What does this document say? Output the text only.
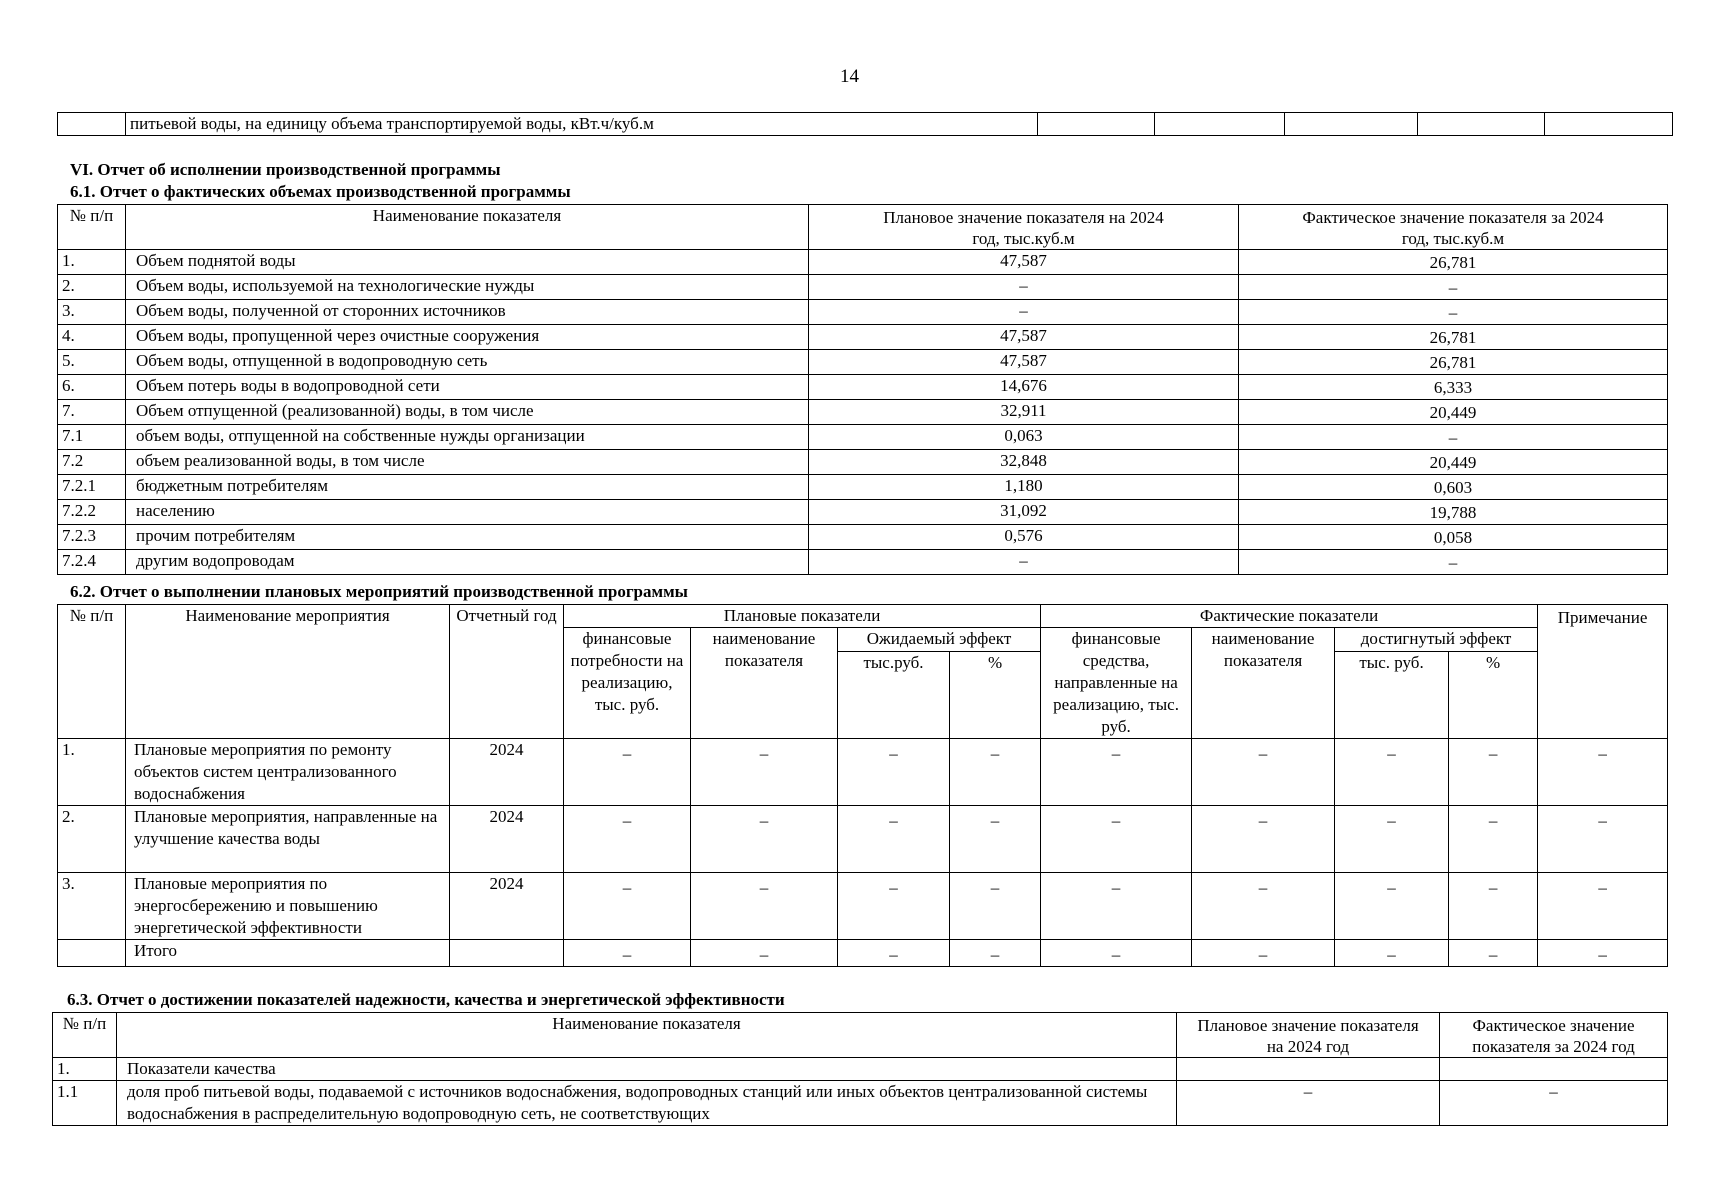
14
	питьевой воды, на единицу объема транспортируемой воды, кВт.ч/куб.м					
VI. Отчет об исполнении производственной программы
6.1. Отчет о фактических объемах производственной программы
№ п/п	Наименование показателя	Плановое значение показателя на 2024 год, тыс.куб.м	Фактическое значение показателя за 2024 год, тыс.куб.м
1.	Объем поднятой воды	47,587	26,781
2.	Объем воды, используемой на технологические нужды	–	–
3.	Объем воды, полученной от сторонних источников	–	–
4.	Объем воды, пропущенной через очистные сооружения	47,587	26,781
5.	Объем воды, отпущенной в водопроводную сеть	47,587	26,781
6.	Объем потерь воды в водопроводной сети	14,676	6,333
7.	Объем отпущенной (реализованной) воды, в том числе	32,911	20,449
7.1	объем воды, отпущенной на собственные нужды организации	0,063	–
7.2	объем реализованной воды, в том числе	32,848	20,449
7.2.1	бюджетным потребителям	1,180	0,603
7.2.2	населению	31,092	19,788
7.2.3	прочим потребителям	0,576	0,058
7.2.4	другим водопроводам	–	–
6.2. Отчет о выполнении плановых мероприятий производственной программы
№ п/п	Наименование мероприятия	Отчетный год	Плановые показатели				Фактические показатели				Примечание
			финансовые потребности на реализацию, тыс. руб.	наименование показателя	Ожидаемый эффект		финансовые средства, направленные на реализацию, тыс. руб.	наименование показателя	достигнутый эффект		
					тыс.руб.	%			тыс. руб.	%	
1.	Плановые мероприятия по ремонту объектов систем централизованного водоснабжения	2024	–	–	–	–	–	–	–	–	–
2.	Плановые мероприятия, направленные на улучшение качества воды	2024	–	–	–	–	–	–	–	–	–
3.	Плановые мероприятия по энергосбережению и повышению энергетической эффективности	2024	–	–	–	–	–	–	–	–	–
	Итого		–	–	–	–	–	–	–	–	–
6.3. Отчет о достижении показателей надежности, качества и энергетической эффективности
№ п/п	Наименование показателя	Плановое значение показателя на 2024 год	Фактическое значение показателя за 2024 год
1.	Показатели качества		
1.1	доля проб питьевой воды, подаваемой с источников водоснабжения, водопроводных станций или иных объектов централизованной системы водоснабжения в распределительную водопроводную сеть, не соответствующих	–	–
